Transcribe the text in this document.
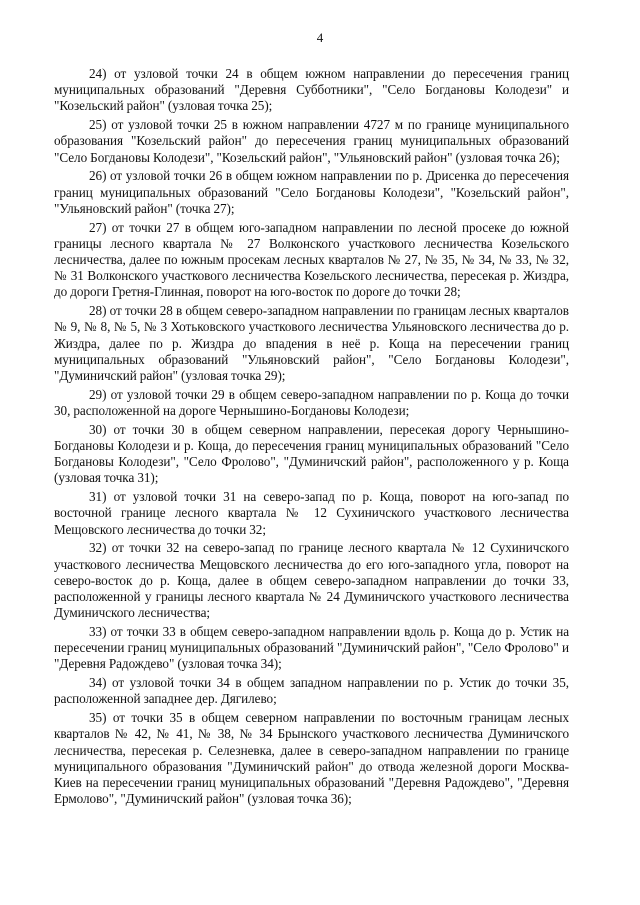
4

24) от узловой точки 24 в общем южном направлении до пересечения границ муниципальных образований "Деревня Субботники", "Село Богдановы Колодези" и "Козельский район" (узловая точка 25);

25) от узловой точки 25 в южном направлении 4727 м по границе муниципального образования "Козельский район" до пересечения границ муниципальных образований "Село Богдановы Колодези", "Козельский район", "Ульяновский район" (узловая точка 26);

26) от узловой точки 26 в общем южном направлении по р. Дрисенка до пересечения границ муниципальных образований "Село Богдановы Колодези", "Козельский район", "Ульяновский район" (точка 27);

27) от точки 27 в общем юго-западном направлении по лесной просеке до южной границы лесного квартала № 27 Волконского участкового лесничества Козельского лесничества, далее по южным просекам лесных кварталов № 27, № 35, № 34, № 33, № 32, № 31 Волконского участкового лесничества Козельского лесничества, пересекая р. Жиздра, до дороги Гретня-Глинная, поворот на юго-восток по дороге до точки 28;

28) от точки 28 в общем северо-западном направлении по границам лесных кварталов № 9, № 8, № 5, № 3 Хотьковского участкового лесничества Ульяновского лесничества до р. Жиздра, далее по р. Жиздра до впадения в неё р. Коща на пересечении границ муниципальных образований "Ульяновский район", "Село Богдановы Колодези", "Думиничский район" (узловая точка 29);

29) от узловой точки 29 в общем северо-западном направлении по р. Коща до точки 30, расположенной на дороге Чернышино-Богдановы Колодези;

30) от точки 30 в общем северном направлении, пересекая дорогу Чернышино-Богдановы Колодези и р. Коща, до пересечения границ муниципальных образований "Село Богдановы Колодези", "Село Фролово", "Думиничский район", расположенного у р. Коща (узловая точка 31);

31) от узловой точки 31 на северо-запад по р. Коща, поворот на юго-запад по восточной границе лесного квартала № 12 Сухиничского участкового лесничества Мещовского лесничества до точки 32;

32) от точки 32 на северо-запад по границе лесного квартала № 12 Сухиничского участкового лесничества Мещовского лесничества до его юго-западного угла, поворот на северо-восток до р. Коща, далее в общем северо-западном направлении до точки 33, расположенной у границы лесного квартала № 24 Думиничского участкового лесничества Думиничского лесничества;

33) от точки 33 в общем северо-западном направлении вдоль р. Коща до р. Устик на пересечении границ муниципальных образований "Думиничский район", "Село Фролово" и "Деревня Радождево" (узловая точка 34);

34) от узловой точки 34 в общем западном направлении по р. Устик до точки 35, расположенной западнее дер. Дягилево;

35) от точки 35 в общем северном направлении по восточным границам лесных кварталов № 42, № 41, № 38, № 34 Брынского участкового лесничества Думиничского лесничества, пересекая р. Селезневка, далее в северо-западном направлении по границе муниципального образования "Думиничский район" до отвода железной дороги Москва-Киев на пересечении границ муниципальных образований "Деревня Радождево", "Деревня Ермолово", "Думиничский район" (узловая точка 36);
